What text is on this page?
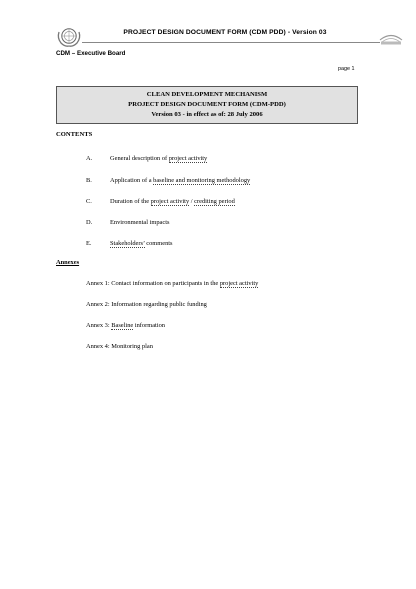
PROJECT DESIGN DOCUMENT FORM (CDM PDD) - Version 03
CDM – Executive Board
page 1
CLEAN DEVELOPMENT MECHANISM
PROJECT DESIGN DOCUMENT FORM (CDM-PDD)
Version 03 - in effect as of: 28 July 2006
CONTENTS
A.	General description of project activity
B.	Application of a baseline and monitoring methodology
C.	Duration of the project activity / crediting period
D.	Environmental impacts
E.	Stakeholders’ comments
Annexes
Annex 1: Contact information on participants in the project activity
Annex 2: Information regarding public funding
Annex 3: Baseline information
Annex 4: Monitoring plan
